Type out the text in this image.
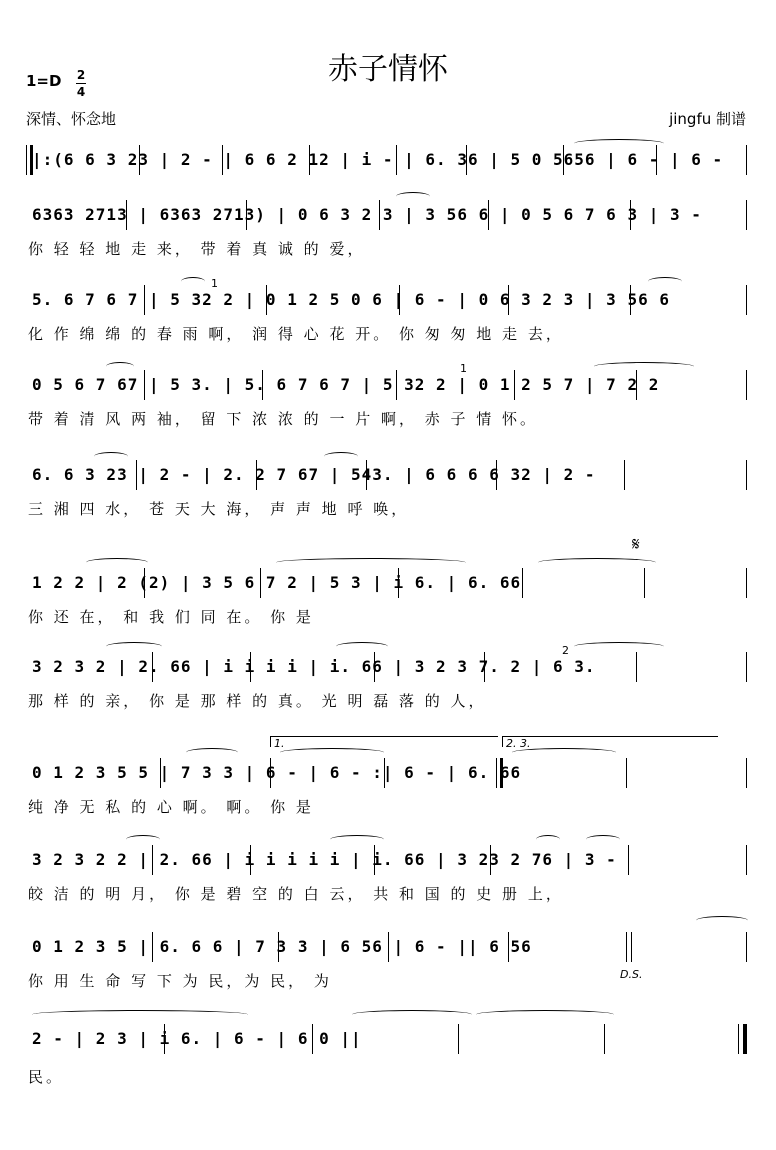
赤子情怀
1=D 2
4
深情、怀念地	jingfu 制谱
|:(6 6 3 23 | 2 - | 6 6 2 12 | i - | 6. 36 | 5 0 5656 | 6 - | 6 -
6363 2713 | 6363 2713) | 0 6 3 2 3 | 3 56 6 | 0 5 6 7 6 3 | 3 -
你 轻 轻 地 走 来， 带 着 真 诚 的 爱，
1
5. 6 7 6 7 | 5 32 2 | 0 1 2 5 0 6 | 6 - | 0 6 3 2 3 | 3 56 6
化 作 绵 绵 的 春 雨 啊， 润 得 心 花 开。 你 匆 匆 地 走 去，
1
0 5 6 7 67 | 5 3. | 5. 6 7 6 7 | 5 32 2 | 0 1 2 5 7 | 7 2 2
带 着 清 风 两 袖， 留 下 浓 浓 的 一 片 啊， 赤 子 情 怀。
6. 6 3 23 | 2 - | 2. 2 7 67 | 543. | 6 6 6 6 32 | 2 -
三 湘 四 水， 苍 天 大 海， 声 声 地 呼 唤，
𝄋
1 2 2 | 2 (2) | 3 5 6 7 2 | 5 3 | i 6. | 6. 66
你 还 在， 和 我 们 同 在。 你 是
2
3 2 3 2 | 2. 66 | i i i i | i. 66 | 3 2 3 7. 2 | 6 3.
那 样 的 亲， 你 是 那 样 的 真。 光 明 磊 落 的 人，
1.	2. 3.
0 1 2 3 5 5 | 7 3 3 | 6 - | 6 - :| 6 - | 6. 66
纯 净 无 私 的 心 啊。 啊。 你 是
3 2 3 2 2 | 2. 66 | i i i i i | i. 66 | 3 23 2 76 | 3 -
皎 洁 的 明 月， 你 是 碧 空 的 白 云， 共 和 国 的 史 册 上，
D.S.
0 1 2 3 5 | 6. 6 6 | 7 3 3 | 6 56 | 6 - || 6 56
你 用 生 命 写 下 为 民，为 民， 为
2 - | 2 3 | i 6. | 6 - | 6 0 ||
民。
